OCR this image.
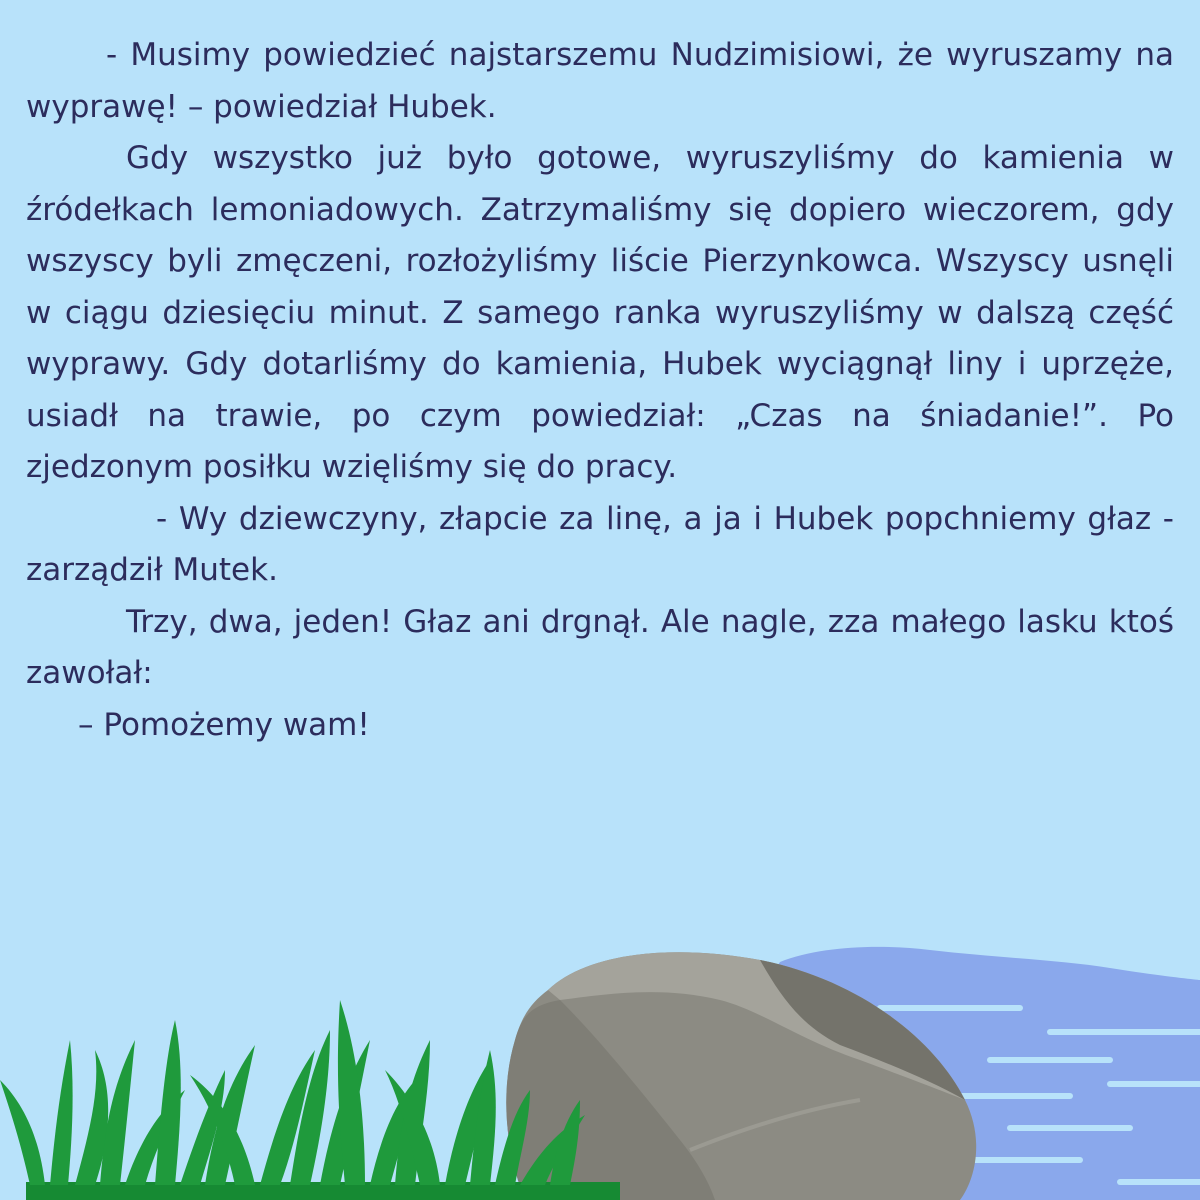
- Musimy powiedzieć najstarszemu Nudzimisiowi, że wyruszamy na wyprawę! – powiedział Hubek.

Gdy wszystko już było gotowe, wyruszyliśmy do kamienia w źródełkach lemoniadowych. Zatrzymaliśmy się dopiero wieczorem, gdy wszyscy byli zmęczeni, rozłożyliśmy liście Pierzynkowca. Wszyscy usnęli w ciągu dziesięciu minut. Z samego ranka wyruszyliśmy w dalszą część wyprawy. Gdy dotarliśmy do kamienia, Hubek wyciągnął liny i uprzęże, usiadł na trawie, po czym powiedział: „Czas na śniadanie!”. Po zjedzonym posiłku wzięliśmy się do pracy.

- Wy dziewczyny, złapcie za linę, a ja i Hubek popchniemy głaz - zarządził Mutek.

Trzy, dwa, jeden! Głaz ani drgnął. Ale nagle, zza małego lasku ktoś zawołał:

– Pomożemy wam!
